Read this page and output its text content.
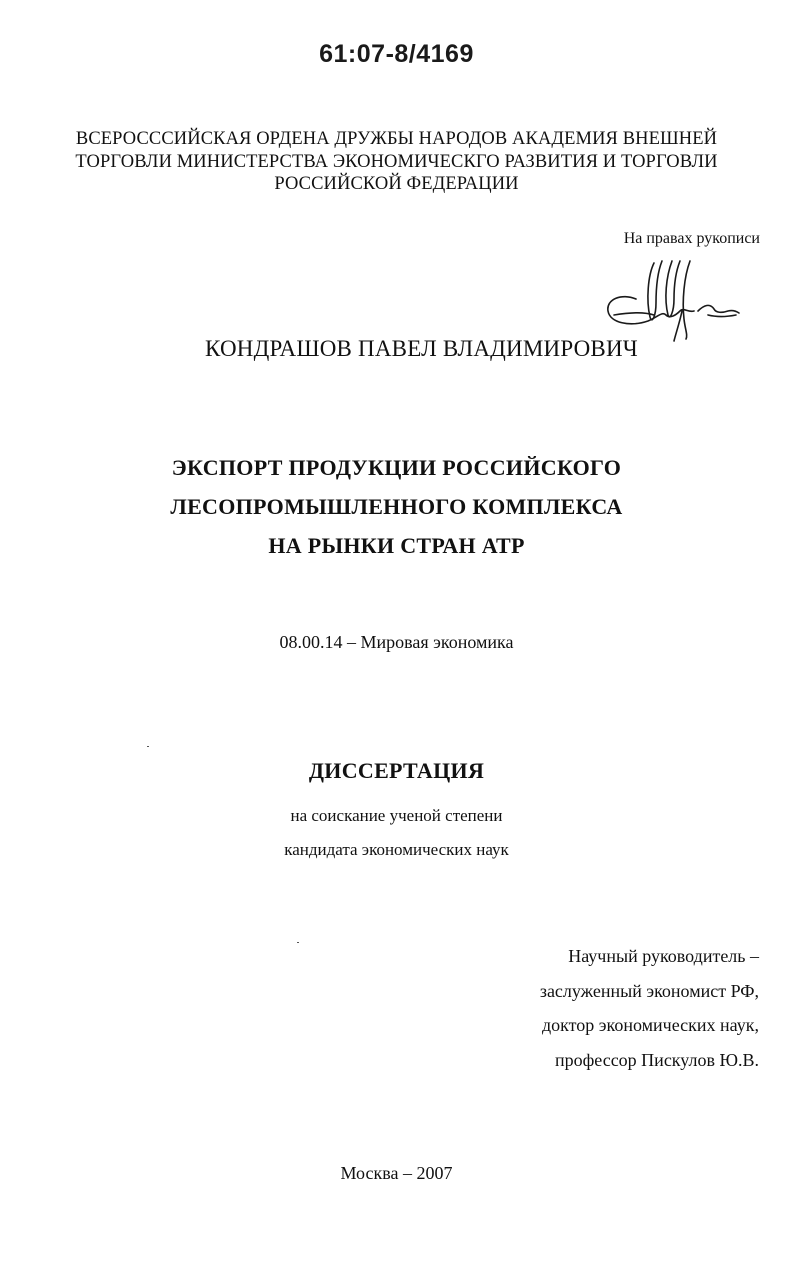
61:07-8/4169
ВСЕРОСССИЙСКАЯ ОРДЕНА ДРУЖБЫ НАРОДОВ АКАДЕМИЯ ВНЕШНЕЙ
ТОРГОВЛИ МИНИСТЕРСТВА ЭКОНОМИЧЕСКГО РАЗВИТИЯ И ТОРГОВЛИ
РОССИЙСКОЙ ФЕДЕРАЦИИ
На правах рукописи
КОНДРАШОВ ПАВЕЛ ВЛАДИМИРОВИЧ
ЭКСПОРТ ПРОДУКЦИИ РОССИЙСКОГО
ЛЕСОПРОМЫШЛЕННОГО КОМПЛЕКСА
НА РЫНКИ СТРАН АТР
08.00.14 – Мировая экономика
ДИССЕРТАЦИЯ
на соискание ученой степени
кандидата экономических наук
Научный руководитель –
заслуженный экономист РФ,
доктор экономических наук,
профессор Пискулов Ю.В.
Москва – 2007
